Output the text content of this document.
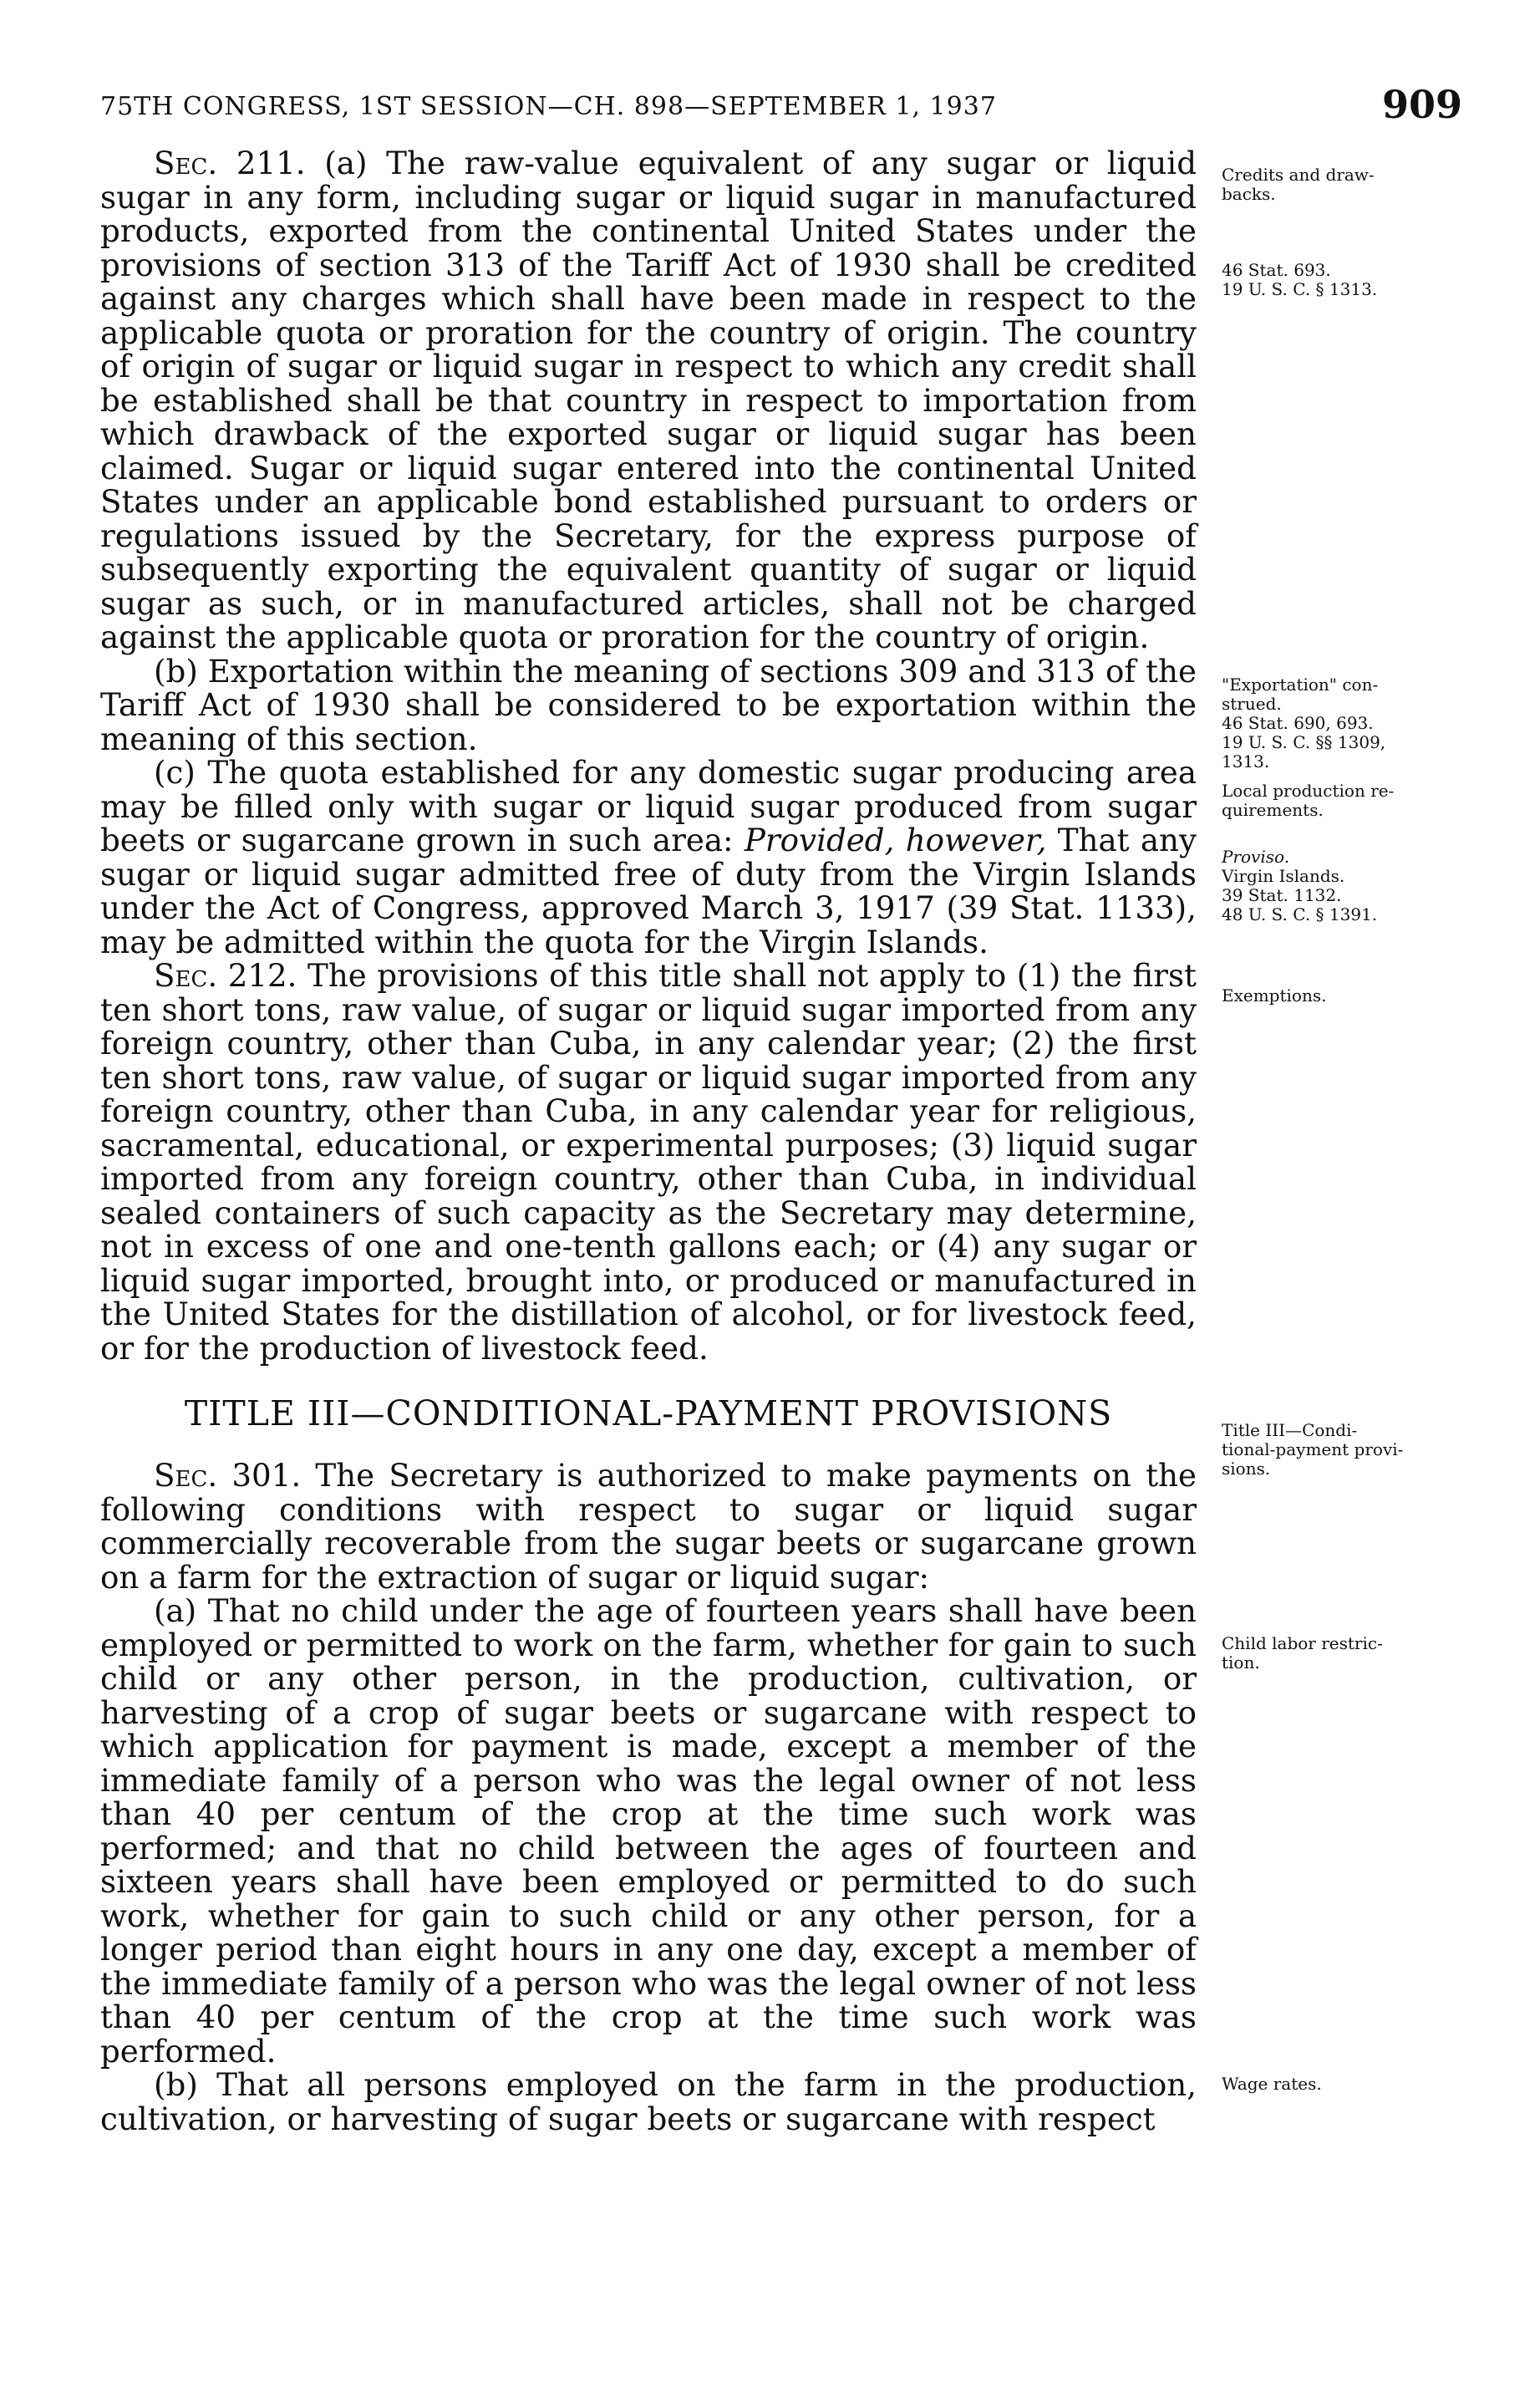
75TH CONGRESS, 1ST SESSION—CH. 898—SEPTEMBER 1, 1937	909

Sec. 211. (a) The raw-value equivalent of any sugar or liquid sugar in any form, including sugar or liquid sugar in manufactured products, exported from the continental United States under the provisions of section 313 of the Tariff Act of 1930 shall be credited against any charges which shall have been made in respect to the applicable quota or proration for the country of origin. The country of origin of sugar or liquid sugar in respect to which any credit shall be established shall be that country in respect to importation from which drawback of the exported sugar or liquid sugar has been claimed. Sugar or liquid sugar entered into the continental United States under an applicable bond established pursuant to orders or regulations issued by the Secretary, for the express purpose of subsequently exporting the equivalent quantity of sugar or liquid sugar as such, or in manufactured articles, shall not be charged against the applicable quota or proration for the country of origin.

(b) Exportation within the meaning of sections 309 and 313 of the Tariff Act of 1930 shall be considered to be exportation within the meaning of this section.

(c) The quota established for any domestic sugar producing area may be filled only with sugar or liquid sugar produced from sugar beets or sugarcane grown in such area: Provided, however, That any sugar or liquid sugar admitted free of duty from the Virgin Islands under the Act of Congress, approved March 3, 1917 (39 Stat. 1133), may be admitted within the quota for the Virgin Islands.

Sec. 212. The provisions of this title shall not apply to (1) the first ten short tons, raw value, of sugar or liquid sugar imported from any foreign country, other than Cuba, in any calendar year; (2) the first ten short tons, raw value, of sugar or liquid sugar imported from any foreign country, other than Cuba, in any calendar year for religious, sacramental, educational, or experimental purposes; (3) liquid sugar imported from any foreign country, other than Cuba, in individual sealed containers of such capacity as the Secretary may determine, not in excess of one and one-tenth gallons each; or (4) any sugar or liquid sugar imported, brought into, or produced or manufactured in the United States for the distillation of alcohol, or for livestock feed, or for the production of livestock feed.

TITLE III—CONDITIONAL-PAYMENT PROVISIONS

Sec. 301. The Secretary is authorized to make payments on the following conditions with respect to sugar or liquid sugar commercially recoverable from the sugar beets or sugarcane grown on a farm for the extraction of sugar or liquid sugar:

(a) That no child under the age of fourteen years shall have been employed or permitted to work on the farm, whether for gain to such child or any other person, in the production, cultivation, or harvesting of a crop of sugar beets or sugarcane with respect to which application for payment is made, except a member of the immediate family of a person who was the legal owner of not less than 40 per centum of the crop at the time such work was performed; and that no child between the ages of fourteen and sixteen years shall have been employed or permitted to do such work, whether for gain to such child or any other person, for a longer period than eight hours in any one day, except a member of the immediate family of a person who was the legal owner of not less than 40 per centum of the crop at the time such work was performed.

(b) That all persons employed on the farm in the production, cultivation, or harvesting of sugar beets or sugarcane with respect

Credits and draw-
backs.
46 Stat. 693.
19 U. S. C. § 1313.
"Exportation" con-
strued.
46 Stat. 690, 693.
19 U. S. C. §§ 1309,
1313.
Local production re-
quirements.
Proviso.
Virgin Islands.
39 Stat. 1132.
48 U. S. C. § 1391.
Exemptions.
Title III—Condi-
tional-payment provi-
sions.
Child labor restric-
tion.
Wage rates.
